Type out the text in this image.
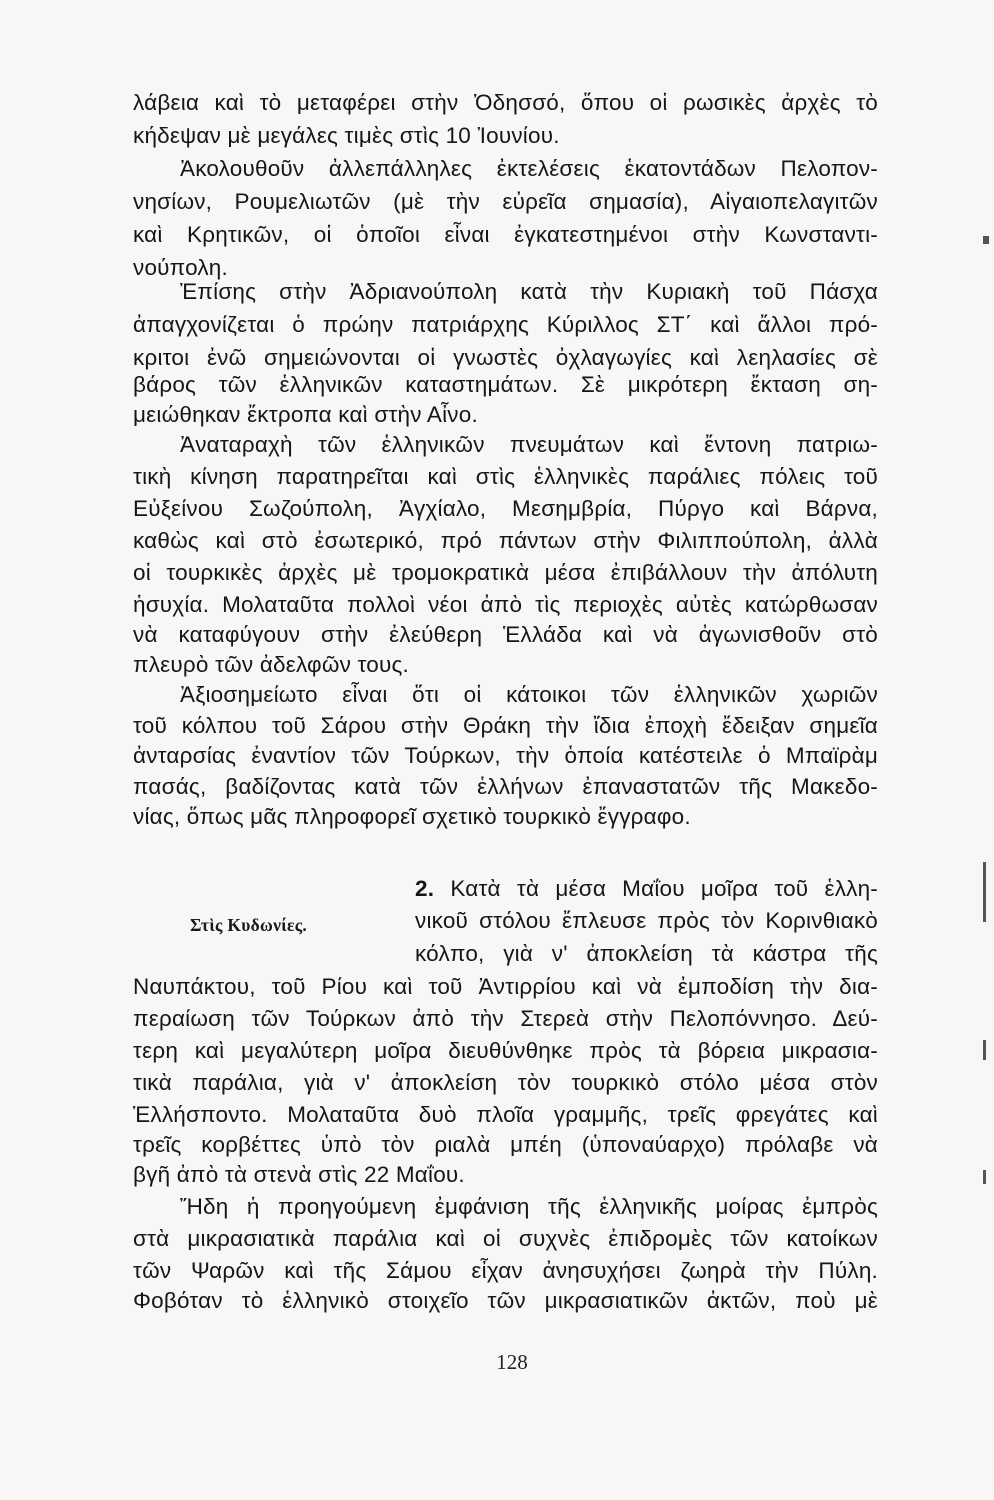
λάβεια καὶ τὸ μεταφέρει στὴν Ὀδησσό, ὅπου οἱ ρωσικὲς ἀρχὲς τὸ
κήδεψαν μὲ μεγάλες τιμὲς στὶς 10 Ἰουνίου.
Ἀκολουθοῦν ἀλλεπάλληλες ἐκτελέσεις ἑκατοντάδων Πελοπον-
νησίων, Ρουμελιωτῶν (μὲ τὴν εὐρεῖα σημασία), Αἰγαιοπελαγιτῶν
καὶ Κρητικῶν, οἱ ὁποῖοι εἶναι ἐγκατεστημένοι στὴν Κωνσταντι-
νούπολη.
Ἐπίσης στὴν Ἀδριανούπολη κατὰ τὴν Κυριακὴ τοῦ Πάσχα
ἀπαγχονίζεται ὁ πρώην πατριάρχης Κύριλλος ΣΤ΄ καὶ ἄλλοι πρό-
κριτοι ἐνῶ σημειώνονται οἱ γνωστὲς ὀχλαγωγίες καὶ λεηλασίες σὲ
βάρος τῶν ἑλληνικῶν καταστημάτων. Σὲ μικρότερη ἔκταση ση-
μειώθηκαν ἔκτροπα καὶ στὴν Αἶνο.
Ἀναταραχὴ τῶν ἑλληνικῶν πνευμάτων καὶ ἔντονη πατριω-
τικὴ κίνηση παρατηρεῖται καὶ στὶς ἑλληνικὲς παράλιες πόλεις τοῦ
Εὐξείνου Σωζούπολη, Ἀγχίαλο, Μεσημβρία, Πύργο καὶ Βάρνα,
καθὼς καὶ στὸ ἐσωτερικό, πρό πάντων στὴν Φιλιππούπολη, ἀλλὰ
οἱ τουρκικὲς ἀρχὲς μὲ τρομοκρατικὰ μέσα ἐπιβάλλουν τὴν ἀπόλυτη
ἡσυχία. Μολαταῦτα πολλοὶ νέοι ἀπὸ τὶς περιοχὲς αὐτὲς κατώρθωσαν
νὰ καταφύγουν στὴν ἐλεύθερη Ἑλλάδα καὶ νὰ ἀγωνισθοῦν στὸ
πλευρὸ τῶν ἀδελφῶν τους.
Ἀξιοσημείωτο εἶναι ὅτι οἱ κάτοικοι τῶν ἑλληνικῶν χωριῶν
τοῦ κόλπου τοῦ Σάρου στὴν Θράκη τὴν ἴδια ἐποχὴ ἔδειξαν σημεῖα
ἀνταρσίας ἐναντίον τῶν Τούρκων, τὴν ὁποία κατέστειλε ὁ Μπαϊρὰμ
πασάς, βαδίζοντας κατὰ τῶν ἑλλήνων ἐπαναστατῶν τῆς Μακεδο-
νίας, ὅπως μᾶς πληροφορεῖ σχετικὸ τουρκικὸ ἔγγραφο.
Στὶς Κυδωνίες.
2. Κατὰ τὰ μέσα Μαΐου μοῖρα τοῦ ἑλλη-
νικοῦ στόλου ἔπλευσε πρὸς τὸν Κορινθιακὸ
κόλπο, γιὰ ν' ἀποκλείση τὰ κάστρα τῆς
Ναυπάκτου, τοῦ Ρίου καὶ τοῦ Ἀντιρρίου καὶ νὰ ἐμποδίση τὴν δια-
περαίωση τῶν Τούρκων ἀπὸ τὴν Στερεὰ στὴν Πελοπόννησο. Δεύ-
τερη καὶ μεγαλύτερη μοῖρα διευθύνθηκε πρὸς τὰ βόρεια μικρασια-
τικὰ παράλια, γιὰ ν' ἀποκλείση τὸν τουρκικὸ στόλο μέσα στὸν
Ἑλλήσποντο. Μολαταῦτα δυὸ πλοῖα γραμμῆς, τρεῖς φρεγάτες καὶ
τρεῖς κορβέττες ὑπὸ τὸν ριαλὰ μπέη (ὑποναύαρχο) πρόλαβε νὰ
βγῆ ἀπὸ τὰ στενὰ στὶς 22 Μαΐου.
Ἤδη ἡ προηγούμενη ἐμφάνιση τῆς ἑλληνικῆς μοίρας ἐμπρὸς
στὰ μικρασιατικὰ παράλια καὶ οἱ συχνὲς ἐπιδρομὲς τῶν κατοίκων
τῶν Ψαρῶν καὶ τῆς Σάμου εἶχαν ἀνησυχήσει ζωηρὰ τὴν Πύλη.
Φοβόταν τὸ ἑλληνικὸ στοιχεῖο τῶν μικρασιατικῶν ἀκτῶν, ποὺ μὲ
128
